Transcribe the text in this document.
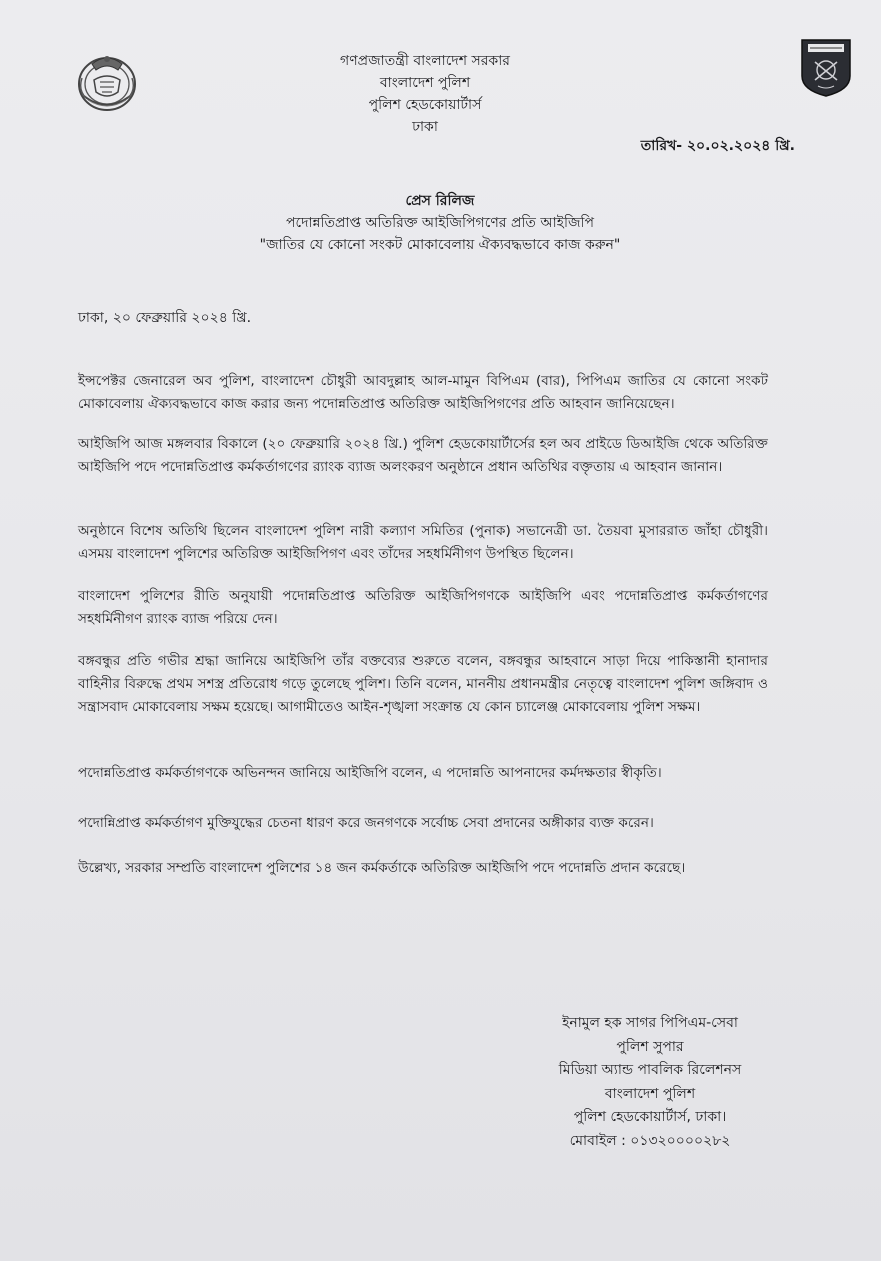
গণপ্রজাতন্ত্রী বাংলাদেশ সরকার
বাংলাদেশ পুলিশ
পুলিশ হেডকোয়ার্টার্স
ঢাকা
তারিখ- ২০.০২.২০২৪ খ্রি.
প্রেস রিলিজ
পদোন্নতিপ্রাপ্ত অতিরিক্ত আইজিপিগণের প্রতি আইজিপি
"জাতির যে কোনো সংকট মোকাবেলায় ঐক্যবদ্ধভাবে কাজ করুন"
ঢাকা, ২০ ফেব্রুয়ারি ২০২৪ খ্রি.
ইন্সপেক্টর জেনারেল অব পুলিশ, বাংলাদেশ চৌধুরী আবদুল্লাহ আল-মামুন বিপিএম (বার), পিপিএম জাতির যে কোনো সংকট মোকাবেলায় ঐক্যবদ্ধভাবে কাজ করার জন্য পদোন্নতিপ্রাপ্ত অতিরিক্ত আইজিপিগণের প্রতি আহবান জানিয়েছেন।
আইজিপি আজ মঙ্গলবার বিকালে (২০ ফেব্রুয়ারি ২০২৪ খ্রি.) পুলিশ হেডকোয়ার্টার্সের হল অব প্রাইডে ডিআইজি থেকে অতিরিক্ত আইজিপি পদে পদোন্নতিপ্রাপ্ত কর্মকর্তাগণের র‍্যাংক ব্যাজ অলংকরণ অনুষ্ঠানে প্রধান অতিথির বক্তৃতায় এ আহবান জানান।
অনুষ্ঠানে বিশেষ অতিথি ছিলেন বাংলাদেশ পুলিশ নারী কল্যাণ সমিতির (পুনাক) সভানেত্রী ডা. তৈয়বা মুসাররাত জাঁহা চৌধুরী।এসময় বাংলাদেশ পুলিশের অতিরিক্ত আইজিপিগণ এবং তাঁদের সহধর্মিনীগণ উপস্থিত ছিলেন।
বাংলাদেশ পুলিশের রীতি অনুযায়ী পদোন্নতিপ্রাপ্ত অতিরিক্ত আইজিপিগণকে আইজিপি এবং পদোন্নতিপ্রাপ্ত কর্মকর্তাগণের সহধর্মিনীগণ র‍্যাংক ব্যাজ পরিয়ে দেন।
বঙ্গবন্ধুর প্রতি গভীর শ্রদ্ধা জানিয়ে আইজিপি তাঁর বক্তব্যের শুরুতে বলেন, বঙ্গবন্ধুর আহবানে সাড়া দিয়ে পাকিস্তানী হানাদার বাহিনীর বিরুদ্ধে প্রথম সশস্ত্র প্রতিরোধ গড়ে তুলেছে পুলিশ। তিনি বলেন, মাননীয় প্রধানমন্ত্রীর নেতৃত্বে বাংলাদেশ পুলিশ জঙ্গিবাদ ও সন্ত্রাসবাদ মোকাবেলায় সক্ষম হয়েছে। আগামীতেও আইন-শৃঙ্খলা সংক্রান্ত যে কোন চ্যালেঞ্জ মোকাবেলায় পুলিশ সক্ষম।
পদোন্নতিপ্রাপ্ত কর্মকর্তাগণকে অভিনন্দন জানিয়ে আইজিপি বলেন, এ পদোন্নতি আপনাদের কর্মদক্ষতার স্বীকৃতি।
পদোন্নিপ্রাপ্ত কর্মকর্তাগণ মুক্তিযুদ্ধের চেতনা ধারণ করে জনগণকে সর্বোচ্চ সেবা প্রদানের অঙ্গীকার ব্যক্ত করেন।
উল্লেখ্য, সরকার সম্প্রতি বাংলাদেশ পুলিশের ১৪ জন কর্মকর্তাকে অতিরিক্ত আইজিপি পদে পদোন্নতি প্রদান করেছে।
ইনামুল হক সাগর পিপিএম-সেবা
পুলিশ সুপার
মিডিয়া অ্যান্ড পাবলিক রিলেশনস
বাংলাদেশ পুলিশ
পুলিশ হেডকোয়ার্টার্স, ঢাকা।
মোবাইল : ০১৩২০০০০২৮২
